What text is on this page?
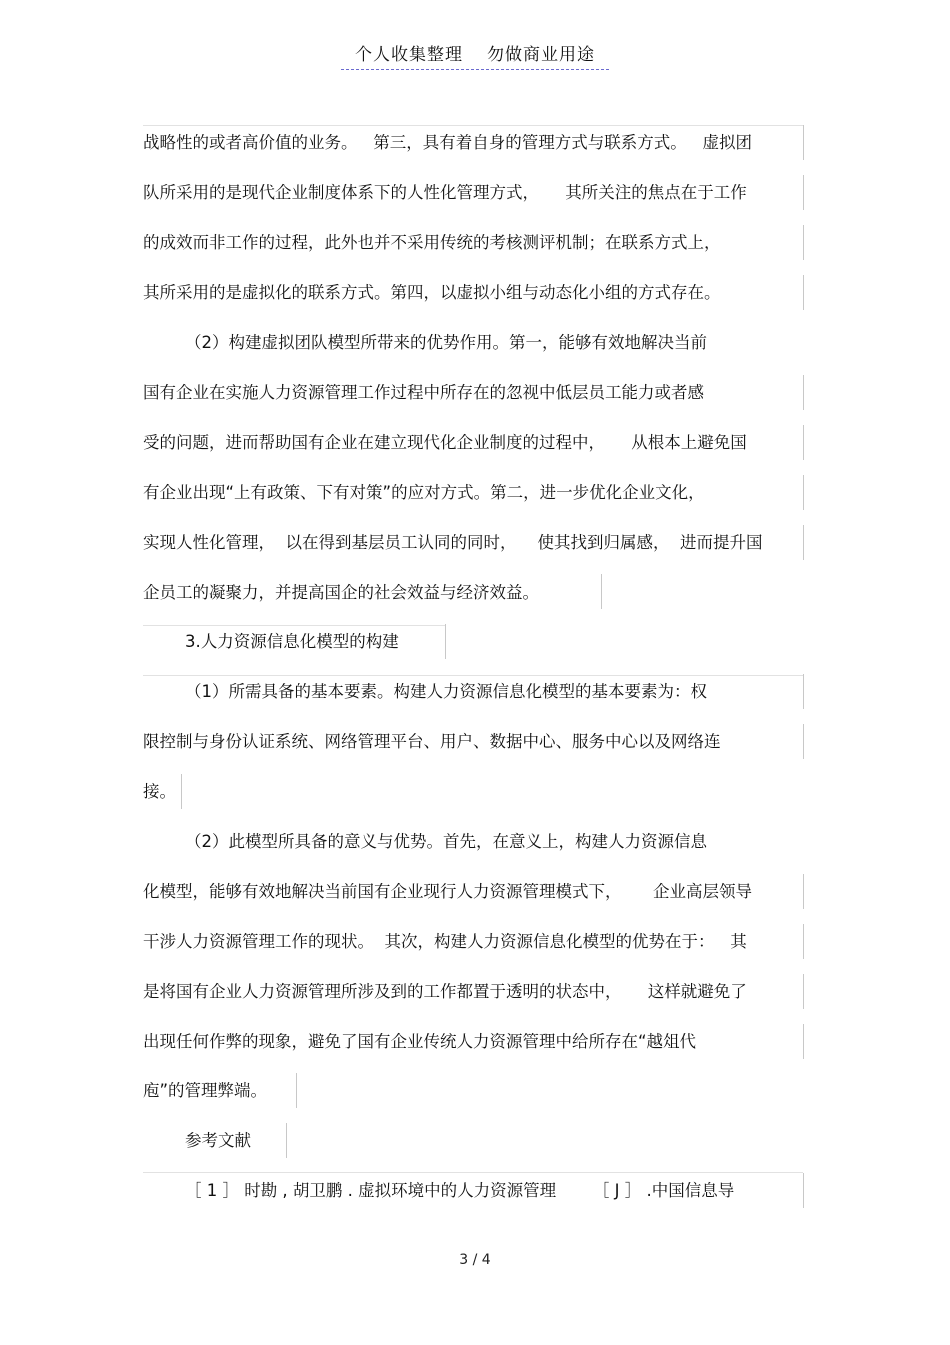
个人收集整理 勿做商业用途
战略性的或者高价值的业务。   第三，具有着自身的管理方式与联系方式。   虚拟团
队所采用的是现代企业制度体系下的人性化管理方式，     其所关注的焦点在于工作
的成效而非工作的过程，此外也并不采用传统的考核测评机制；在联系方式上，
其所采用的是虚拟化的联系方式。第四，以虚拟小组与动态化小组的方式存在。
（2）构建虚拟团队模型所带来的优势作用。第一，能够有效地解决当前
国有企业在实施人力资源管理工作过程中所存在的忽视中低层员工能力或者感
受的问题，进而帮助国有企业在建立现代化企业制度的过程中，     从根本上避免国
有企业出现“上有政策、下有对策”的应对方式。第二，进一步优化企业文化，
实现人性化管理，  以在得到基层员工认同的同时，    使其找到归属感，  进而提升国
企员工的凝聚力，并提高国企的社会效益与经济效益。
3.人力资源信息化模型的构建
（1）所需具备的基本要素。构建人力资源信息化模型的基本要素为：权
限控制与身份认证系统、网络管理平台、用户、数据中心、服务中心以及网络连
接。
（2）此模型所具备的意义与优势。首先，在意义上，构建人力资源信息
化模型，能够有效地解决当前国有企业现行人力资源管理模式下，      企业高层领导
干涉人力资源管理工作的现状。  其次，构建人力资源信息化模型的优势在于：   其
是将国有企业人力资源管理所涉及到的工作都置于透明的状态中，     这样就避免了
出现任何作弊的现象，避免了国有企业传统人力资源管理中给所存在“越俎代
庖”的管理弊端。
参考文献
［ 1 ］ 时勘 , 胡卫鹏 . 虚拟环境中的人力资源管理       ［ J ］ .中国信息导
3 / 4
